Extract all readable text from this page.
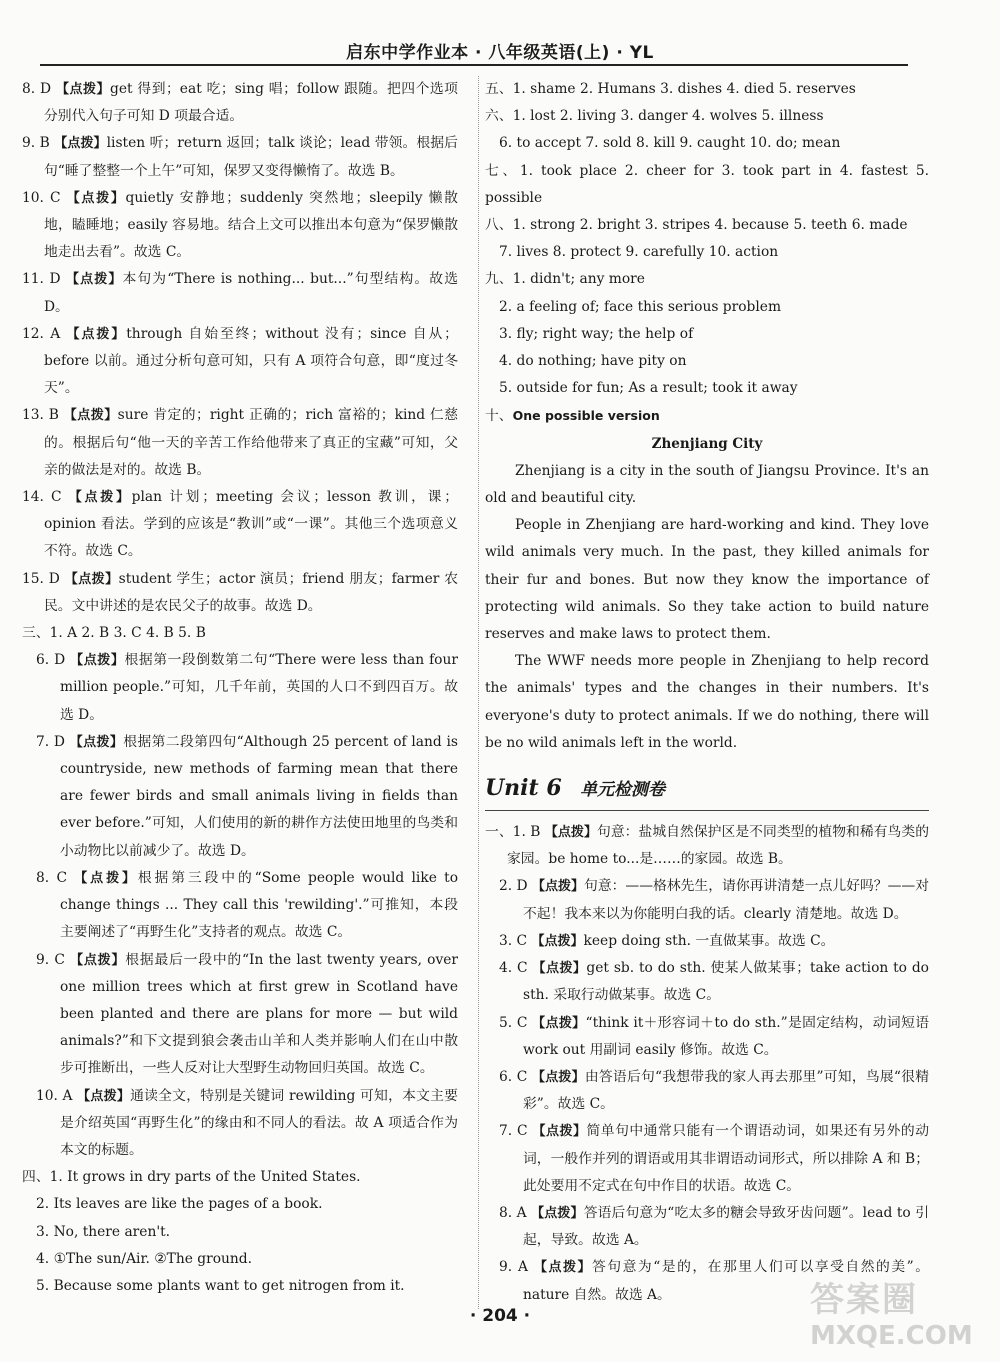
启东中学作业本 · 八年级英语(上) · YL

8. D 【点拨】get 得到；eat 吃；sing 唱；follow 跟随。把四个选项分别代入句子可知 D 项最合适。

9. B 【点拨】listen 听；return 返回；talk 谈论；lead 带领。根据后句“睡了整整一个上午”可知，保罗又变得懒惰了。故选 B。

10. C 【点拨】quietly 安静地；suddenly 突然地；sleepily 懒散地，瞌睡地；easily 容易地。结合上文可以推出本句意为“保罗懒散地走出去看”。故选 C。

11. D 【点拨】本句为“There is nothing... but...”句型结构。故选 D。

12. A 【点拨】through 自始至终；without 没有；since 自从；before 以前。通过分析句意可知，只有 A 项符合句意，即“度过冬天”。

13. B 【点拨】sure 肯定的；right 正确的；rich 富裕的；kind 仁慈的。根据后句“他一天的辛苦工作给他带来了真正的宝藏”可知，父亲的做法是对的。故选 B。

14. C 【点拨】plan 计划；meeting 会议；lesson 教训，课；opinion 看法。学到的应该是“教训”或“一课”。其他三个选项意义不符。故选 C。

15. D 【点拨】student 学生；actor 演员；friend 朋友；farmer 农民。文中讲述的是农民父子的故事。故选 D。

三、1. A 2. B 3. C 4. B 5. B

6. D 【点拨】根据第一段倒数第二句“There were less than four million people.”可知，几千年前，英国的人口不到四百万。故选 D。

7. D 【点拨】根据第二段第四句“Although 25 percent of land is countryside, new methods of farming mean that there are fewer birds and small animals living in fields than ever before.”可知，人们使用的新的耕作方法使田地里的鸟类和小动物比以前减少了。故选 D。

8. C 【点拨】根据第三段中的“Some people would like to change things ... They call this 'rewilding'.”可推知，本段主要阐述了“再野生化”支持者的观点。故选 C。

9. C 【点拨】根据最后一段中的“In the last twenty years, over one million trees which at first grew in Scotland have been planted and there are plans for more — but wild animals?”和下文提到狼会袭击山羊和人类并影响人们在山中散步可推断出，一些人反对让大型野生动物回归英国。故选 C。

10. A 【点拨】通读全文，特别是关键词 rewilding 可知，本文主要是介绍英国“再野生化”的缘由和不同人的看法。故 A 项适合作为本文的标题。

四、1. It grows in dry parts of the United States.

2. Its leaves are like the pages of a book.

3. No, there aren't.

4. ①The sun/Air. ②The ground.

5. Because some plants want to get nitrogen from it.

五、1. shame 2. Humans 3. dishes 4. died 5. reserves

六、1. lost 2. living 3. danger 4. wolves 5. illness

6. to accept 7. sold 8. kill 9. caught 10. do; mean

七、1. took place 2. cheer for 3. took part in 4. fastest 5. possible

八、1. strong 2. bright 3. stripes 4. because 5. teeth 6. made

7. lives 8. protect 9. carefully 10. action

九、1. didn't; any more

2. a feeling of; face this serious problem

3. fly; right way; the help of

4. do nothing; have pity on

5. outside for fun; As a result; took it away

十、One possible version

Zhenjiang City

Zhenjiang is a city in the south of Jiangsu Province. It's an old and beautiful city.

People in Zhenjiang are hard-working and kind. They love wild animals very much. In the past, they killed animals for their fur and bones. But now they know the importance of protecting wild animals. So they take action to build nature reserves and make laws to protect them.

The WWF needs more people in Zhenjiang to help record the animals' types and the changes in their numbers. It's everyone's duty to protect animals. If we do nothing, there will be no wild animals left in the world.

Unit 6 单元检测卷

一、1. B 【点拨】句意：盐城自然保护区是不同类型的植物和稀有鸟类的家园。be home to...是……的家园。故选 B。

2. D 【点拨】句意：——格林先生，请你再讲清楚一点儿好吗？——对不起！我本来以为你能明白我的话。clearly 清楚地。故选 D。

3. C 【点拨】keep doing sth. 一直做某事。故选 C。

4. C 【点拨】get sb. to do sth. 使某人做某事；take action to do sth. 采取行动做某事。故选 C。

5. C 【点拨】“think it＋形容词＋to do sth.”是固定结构，动词短语 work out 用副词 easily 修饰。故选 C。

6. C 【点拨】由答语后句“我想带我的家人再去那里”可知，鸟展“很精彩”。故选 C。

7. C 【点拨】简单句中通常只能有一个谓语动词，如果还有另外的动词，一般作并列的谓语或用其非谓语动词形式，所以排除 A 和 B；此处要用不定式在句中作目的状语。故选 C。

8. A 【点拨】答语后句意为“吃太多的糖会导致牙齿问题”。lead to 引起，导致。故选 A。

9. A 【点拨】答句意为“是的，在那里人们可以享受自然的美”。nature 自然。故选 A。

· 204 ·	答案圈
MXQE.COM
